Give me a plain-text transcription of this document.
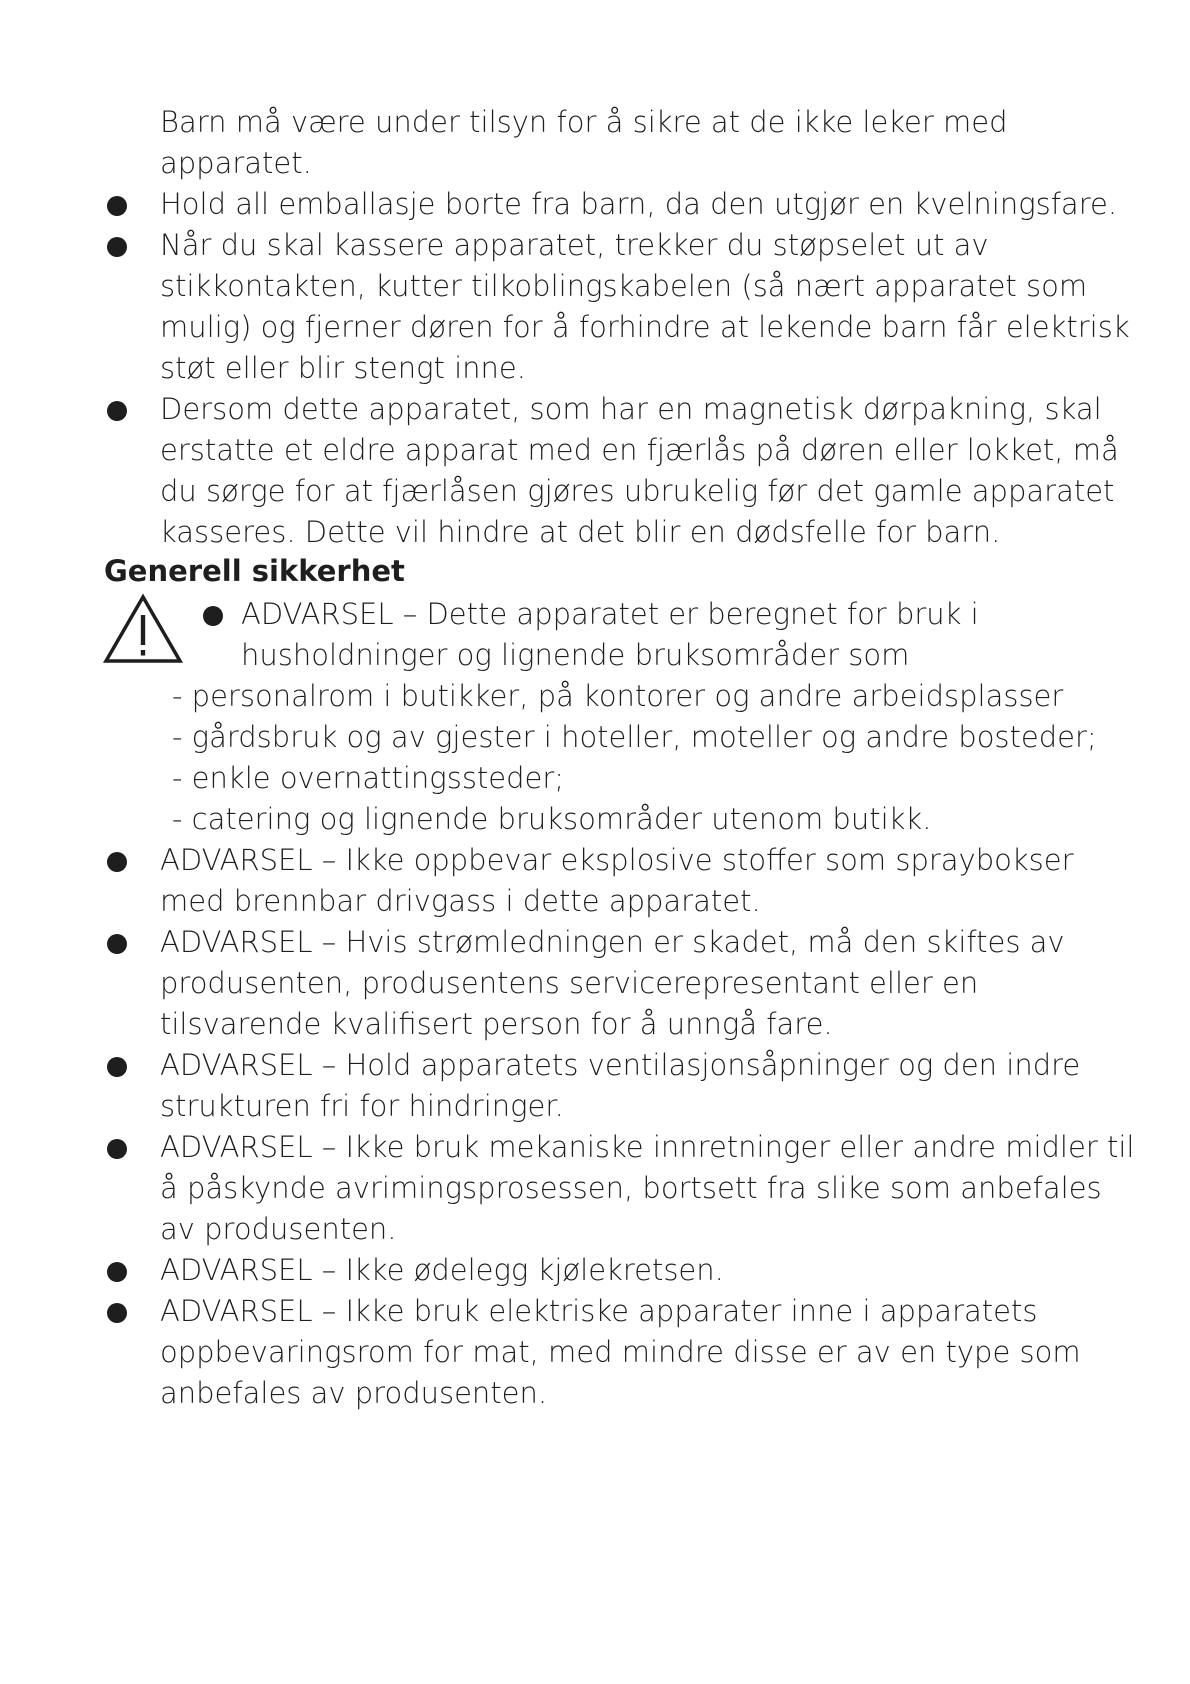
Barn må være under tilsyn for å sikre at de ikke leker med
apparatet.
Hold all emballasje borte fra barn, da den utgjør en kvelningsfare.
Når du skal kassere apparatet, trekker du støpselet ut av
stikkontakten, kutter tilkoblingskabelen (så nært apparatet som
mulig) og fjerner døren for å forhindre at lekende barn får elektrisk
støt eller blir stengt inne.
Dersom dette apparatet, som har en magnetisk dørpakning, skal
erstatte et eldre apparat med en fjærlås på døren eller lokket, må
du sørge for at fjærlåsen gjøres ubrukelig før det gamle apparatet
kasseres. Dette vil hindre at det blir en dødsfelle for barn.
Generell sikkerhet
ADVARSEL – Dette apparatet er beregnet for bruk i
husholdninger og lignende bruksområder som
- personalrom i butikker, på kontorer og andre arbeidsplasser
- gårdsbruk og av gjester i hoteller, moteller og andre bosteder;
- enkle overnattingssteder;
- catering og lignende bruksområder utenom butikk.
ADVARSEL – Ikke oppbevar eksplosive stoffer som spraybokser
med brennbar drivgass i dette apparatet.
ADVARSEL – Hvis strømledningen er skadet, må den skiftes av
produsenten, produsentens servicerepresentant eller en
tilsvarende kvalifisert person for å unngå fare.
ADVARSEL – Hold apparatets ventilasjonsåpninger og den indre
strukturen fri for hindringer.
ADVARSEL – Ikke bruk mekaniske innretninger eller andre midler til
å påskynde avrimingsprosessen, bortsett fra slike som anbefales
av produsenten.
ADVARSEL – Ikke ødelegg kjølekretsen.
ADVARSEL – Ikke bruk elektriske apparater inne i apparatets
oppbevaringsrom for mat, med mindre disse er av en type som
anbefales av produsenten.
